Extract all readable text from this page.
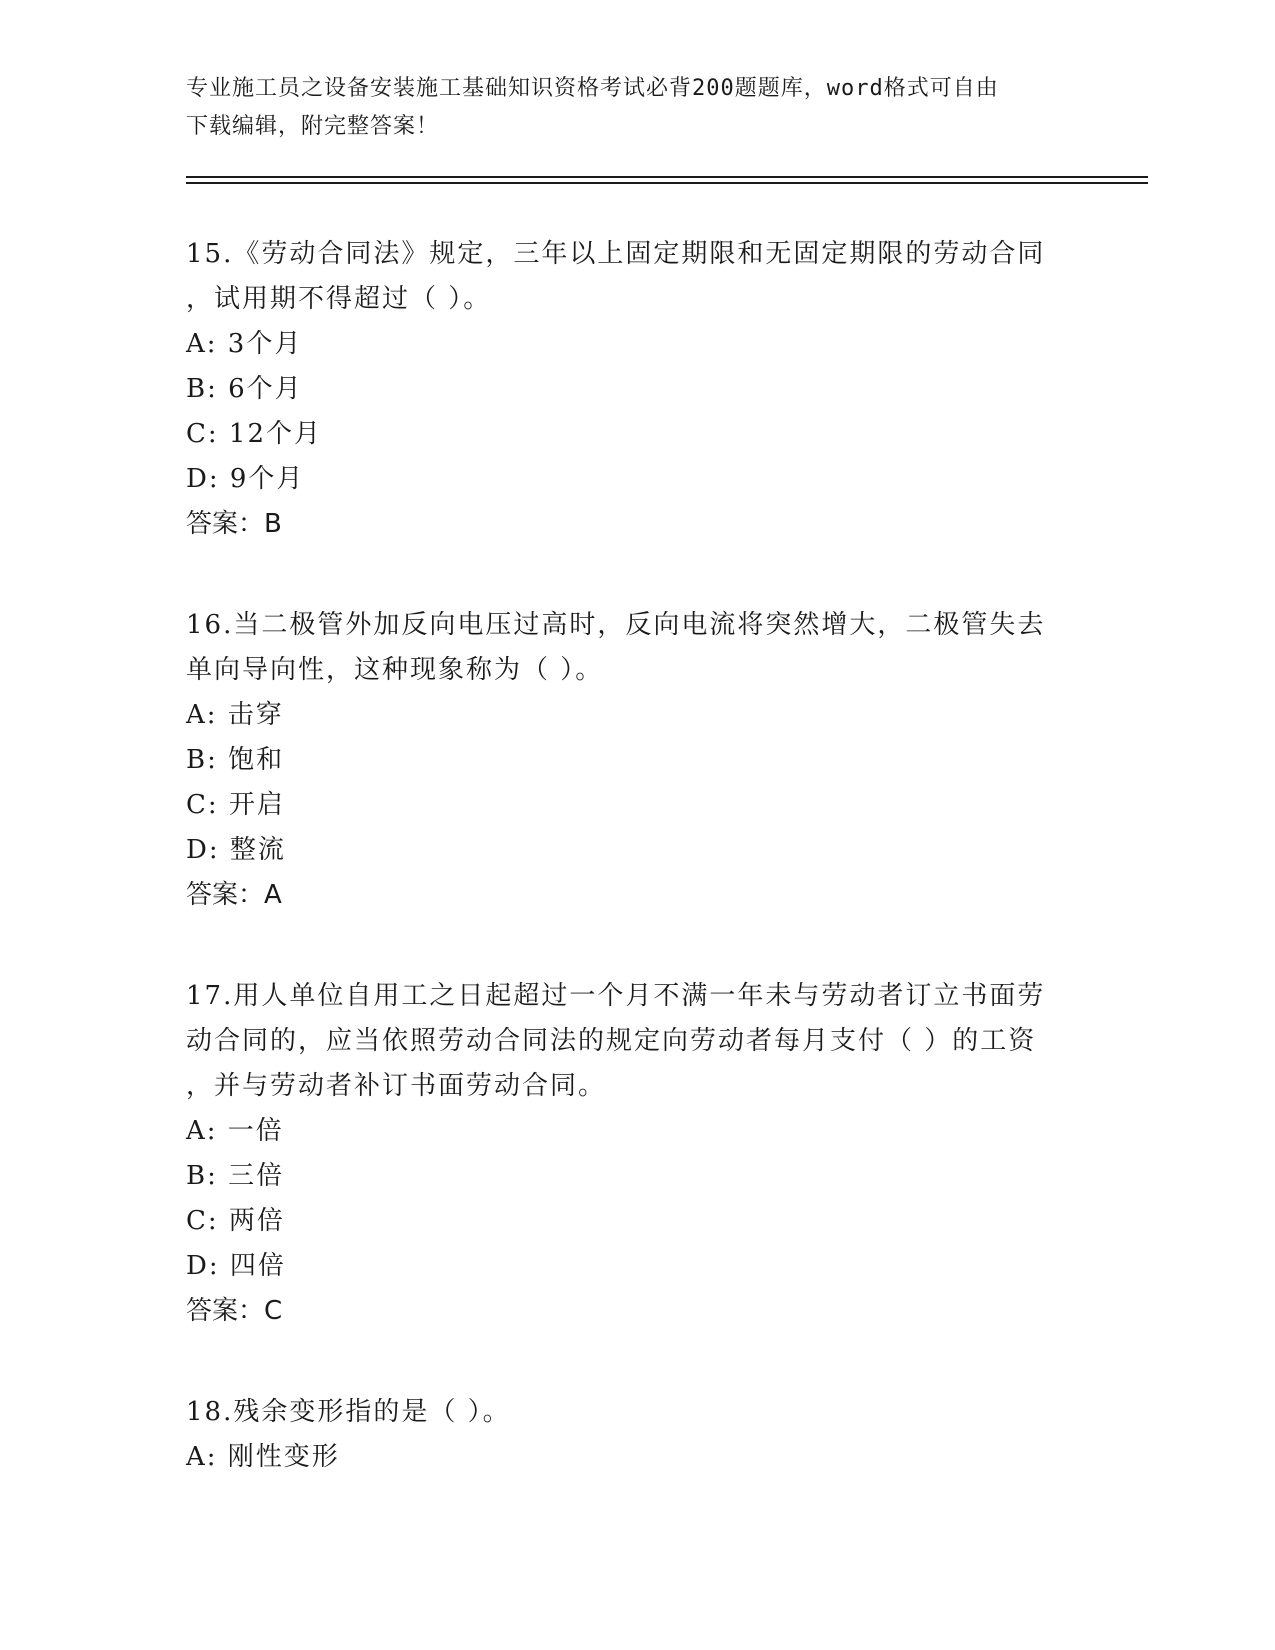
专业施工员之设备安装施工基础知识资格考试必背200题题库，word格式可自由
下载编辑，附完整答案！
15.《劳动合同法》规定，三年以上固定期限和无固定期限的劳动合同
，试用期不得超过（ ）。
A: 3个月
B: 6个月
C: 12个月
D: 9个月
答案：B
16.当二极管外加反向电压过高时，反向电流将突然增大，二极管失去
单向导向性，这种现象称为（ ）。
A: 击穿
B: 饱和
C: 开启
D: 整流
答案：A
17.用人单位自用工之日起超过一个月不满一年未与劳动者订立书面劳
动合同的，应当依照劳动合同法的规定向劳动者每月支付（ ）的工资
，并与劳动者补订书面劳动合同。
A: 一倍
B: 三倍
C: 两倍
D: 四倍
答案：C
18.残余变形指的是（ ）。
A: 刚性变形
